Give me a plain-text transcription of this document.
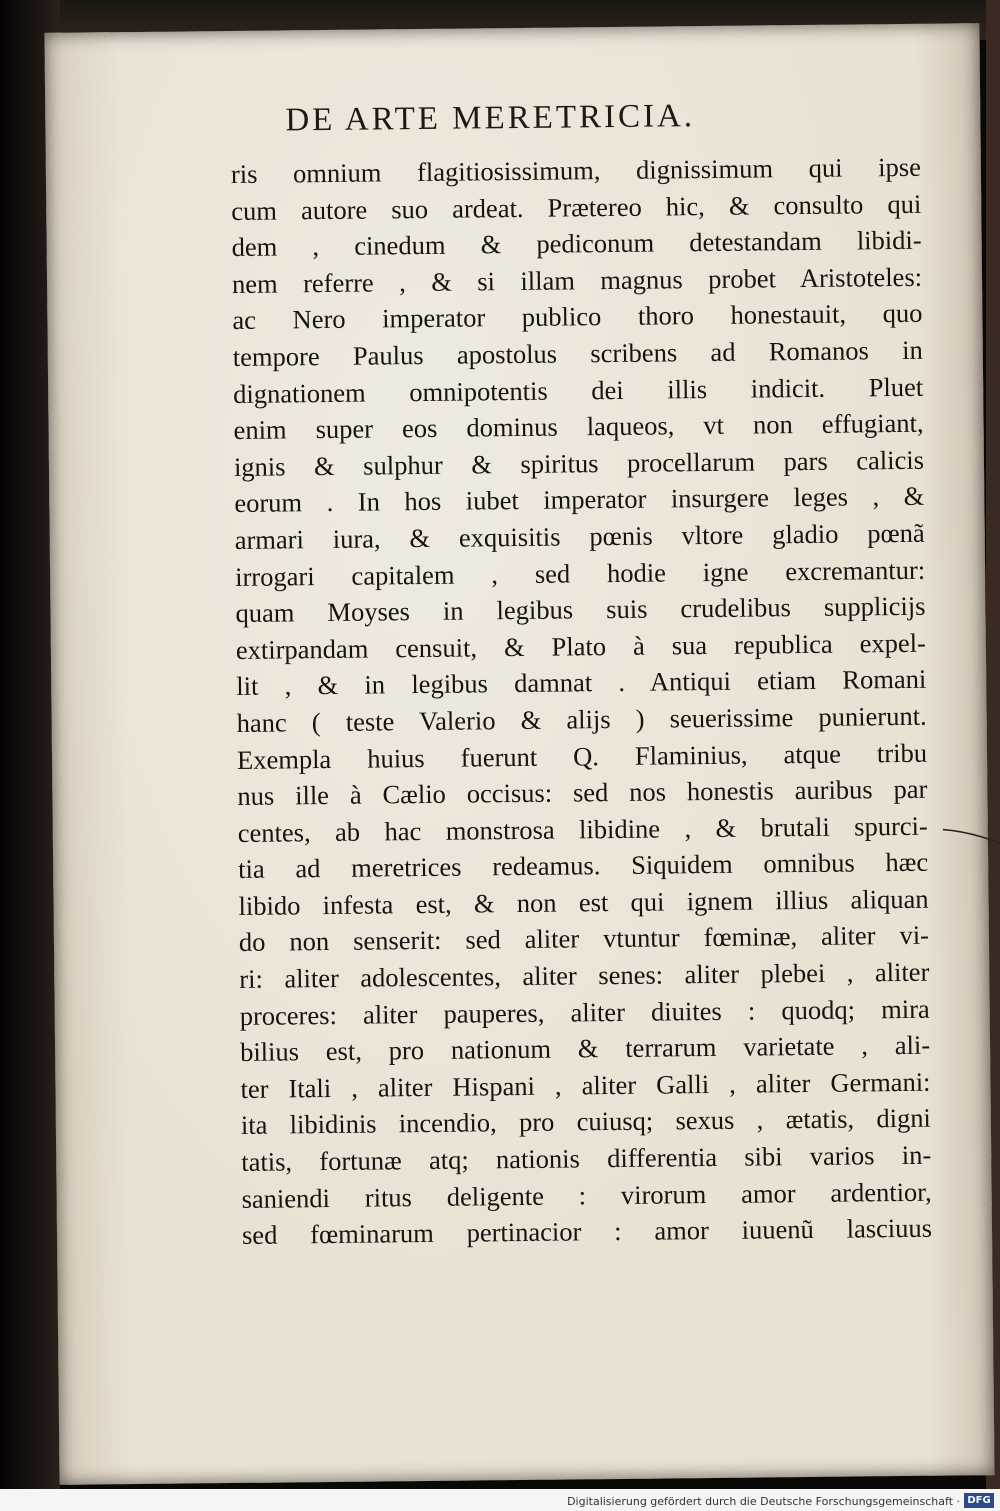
DE ARTE MERETRICIA.
ris omnium flagitiosissimum, dignissimum qui ipse
cum autore suo ardeat. Prætereo hic, & consulto qui
dem , cinedum & pediconum detestandam libidi-
nem referre , & si illam magnus probet Aristoteles:
ac Nero imperator publico thoro honestauit, quo
tempore Paulus apostolus scribens ad Romanos in
dignationem omnipotentis dei illis indicit. Pluet
enim super eos dominus laqueos, vt non effugiant,
ignis & sulphur & spiritus procellarum pars calicis
eorum . In hos iubet imperator insurgere leges , &
armari iura, & exquisitis pœnis vltore gladio pœnã
irrogari capitalem , sed hodie igne excremantur:
quam Moyses in legibus suis crudelibus supplicijs
extirpandam censuit, & Plato à sua republica expel-
lit , & in legibus damnat . Antiqui etiam Romani
hanc ( teste Valerio & alijs ) seuerissime punierunt.
Exempla huius fuerunt Q. Flaminius, atque tribu
nus ille à Cælio occisus: sed nos honestis auribus par
centes, ab hac monstrosa libidine , & brutali spurci-
tia ad meretrices redeamus. Siquidem omnibus hæc
libido infesta est, & non est qui ignem illius aliquan
do non senserit: sed aliter vtuntur fœminæ, aliter vi-
ri: aliter adolescentes, aliter senes: aliter plebei , aliter
proceres: aliter pauperes, aliter diuites : quodq; mira
bilius est, pro nationum & terrarum varietate , ali-
ter Itali , aliter Hispani , aliter Galli , aliter Germani:
ita libidinis incendio, pro cuiusq; sexus , ætatis, digni
tatis, fortunæ atq; nationis differentia sibi varios in-
saniendi ritus deligente : virorum amor ardentior,
sed fœminarum pertinacior : amor iuuenũ lasciuus
Digitalisierung gefördert durch die Deutsche Forschungsgemeinschaft · DFG
